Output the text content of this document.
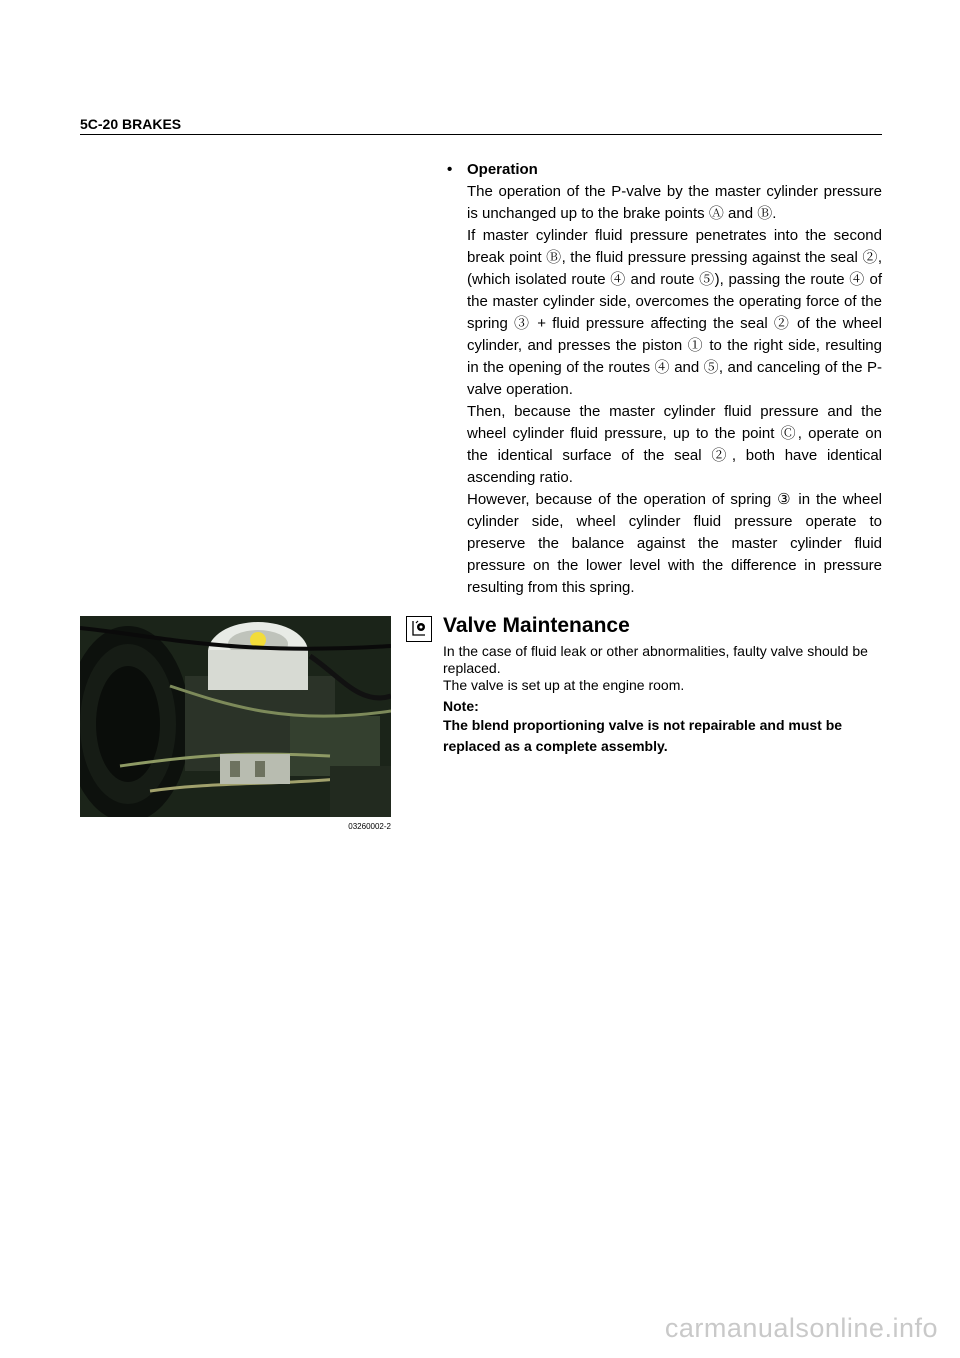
5C-20 BRAKES
• Operation

The operation of the P-valve by the master cylinder pressure is unchanged up to the brake points Ⓐ and Ⓑ.

If master cylinder fluid pressure penetrates into the second break point Ⓑ, the fluid pressure pressing against the seal ②, (which isolated route ④ and route ⑤), passing the route ④ of the master cylinder side, overcomes the operating force of the spring ③ + fluid pressure affecting the seal ② of the wheel cylinder, and presses the piston ① to the right side, resulting in the opening of the routes ④ and ⑤, and canceling of the P-valve operation.

Then, because the master cylinder fluid pressure and the wheel cylinder fluid pressure, up to the point Ⓒ, operate on the identical surface of the seal ②, both have identical ascending ratio.

However, because of the operation of spring ③ in the wheel cylinder side, wheel cylinder fluid pressure operate to preserve the balance against the master cylinder fluid pressure on the lower level with the difference in pressure resulting from this spring.

03260002-2
Valve Maintenance

In the case of fluid leak or other abnormalities, faulty valve should be replaced.

The valve is set up at the engine room.

Note:

The blend proportioning valve is not repairable and must be replaced as a complete assembly.

carmanualsonline.info
